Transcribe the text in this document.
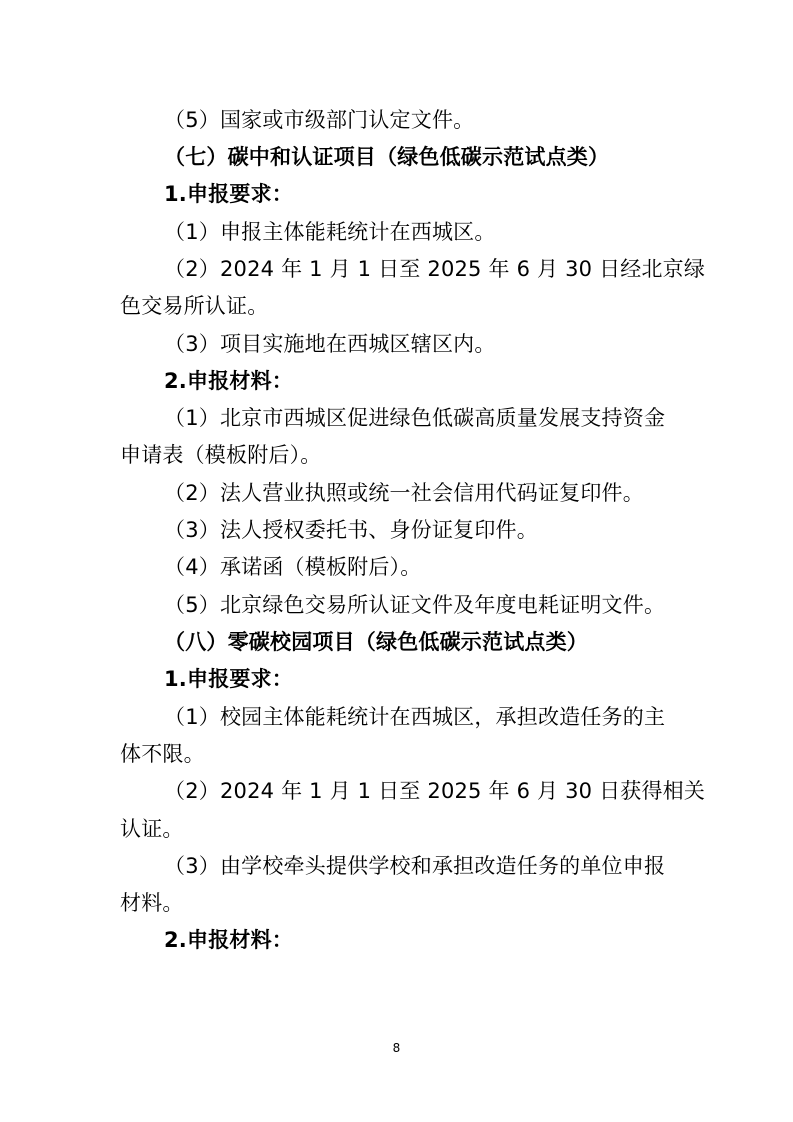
（5）国家或市级部门认定文件。
（七）碳中和认证项目（绿色低碳示范试点类）
1.申报要求：
（1）申报主体能耗统计在西城区。
（2）2024 年 1 月 1 日至 2025 年 6 月 30 日经北京绿
色交易所认证。
（3）项目实施地在西城区辖区内。
2.申报材料：
（1）北京市西城区促进绿色低碳高质量发展支持资金
申请表（模板附后）。
（2）法人营业执照或统一社会信用代码证复印件。
（3）法人授权委托书、身份证复印件。
（4）承诺函（模板附后）。
（5）北京绿色交易所认证文件及年度电耗证明文件。
（八）零碳校园项目（绿色低碳示范试点类）
1.申报要求：
（1）校园主体能耗统计在西城区，承担改造任务的主
体不限。
（2）2024 年 1 月 1 日至 2025 年 6 月 30 日获得相关
认证。
（3）由学校牵头提供学校和承担改造任务的单位申报
材料。
2.申报材料：
8
